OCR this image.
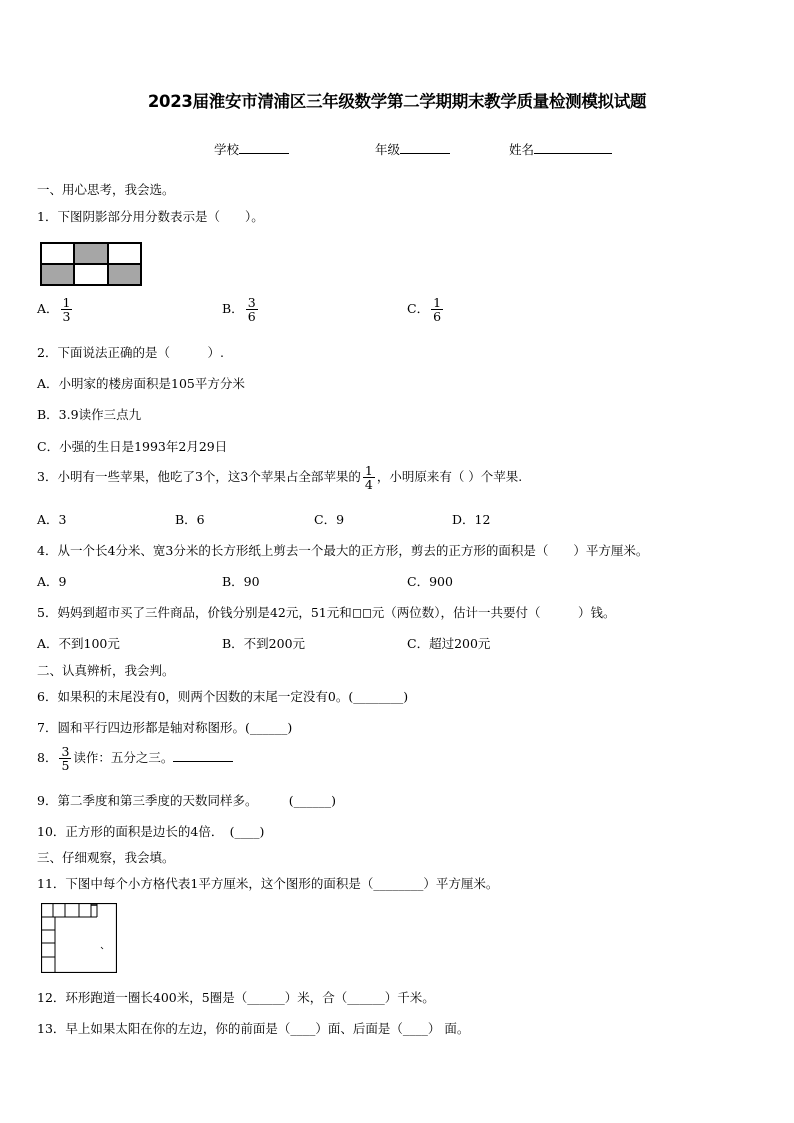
2023届淮安市清浦区三年级数学第二学期期末教学质量检测模拟试题
学校	年级	姓名
一、用心思考，我会选。
1．下图阴影部分用分数表示是（　　）。
A． $\frac{1}{3}$	B． $\frac{3}{6}$	C． $\frac{1}{6}$
2．下面说法正确的是（　　　）.
A．小明家的楼房面积是105平方分米
B．3.9读作三点九
C．小强的生日是1993年2月29日
3．小明有一些苹果，他吃了3个，这3个苹果占全部苹果的 $\frac{1}{4}$ ，小明原来有（ ）个苹果.
A．3	B．6	C．9	D．12
4．从一个长4分米、宽3分米的长方形纸上剪去一个最大的正方形，剪去的正方形的面积是（　　）平方厘米。
A．9	B．90	C．900
5．妈妈到超市买了三件商品，价钱分别是42元，51元和 元（两位数），估计一共要付（　　　）钱。
A．不到100元	B．不到200元	C．超过200元
二、认真辨析，我会判。
6．如果积的末尾没有0，则两个因数的末尾一定没有0。(________)
7．圆和平行四边形都是轴对称图形。(______)
8． $\frac{3}{5}$ 读作：五分之三。
9．第二季度和第三季度的天数同样多。　　　(______)
10．正方形的面积是边长的4倍．　(____)
三、仔细观察，我会填。
11．下图中每个小方格代表1平方厘米，这个图形的面积是（________）平方厘米。
12．环形跑道一圈长400米，5圈是（______）米，合（______）千米。
13．早上如果太阳在你的左边，你的前面是（____）面、后面是（____） 面。
